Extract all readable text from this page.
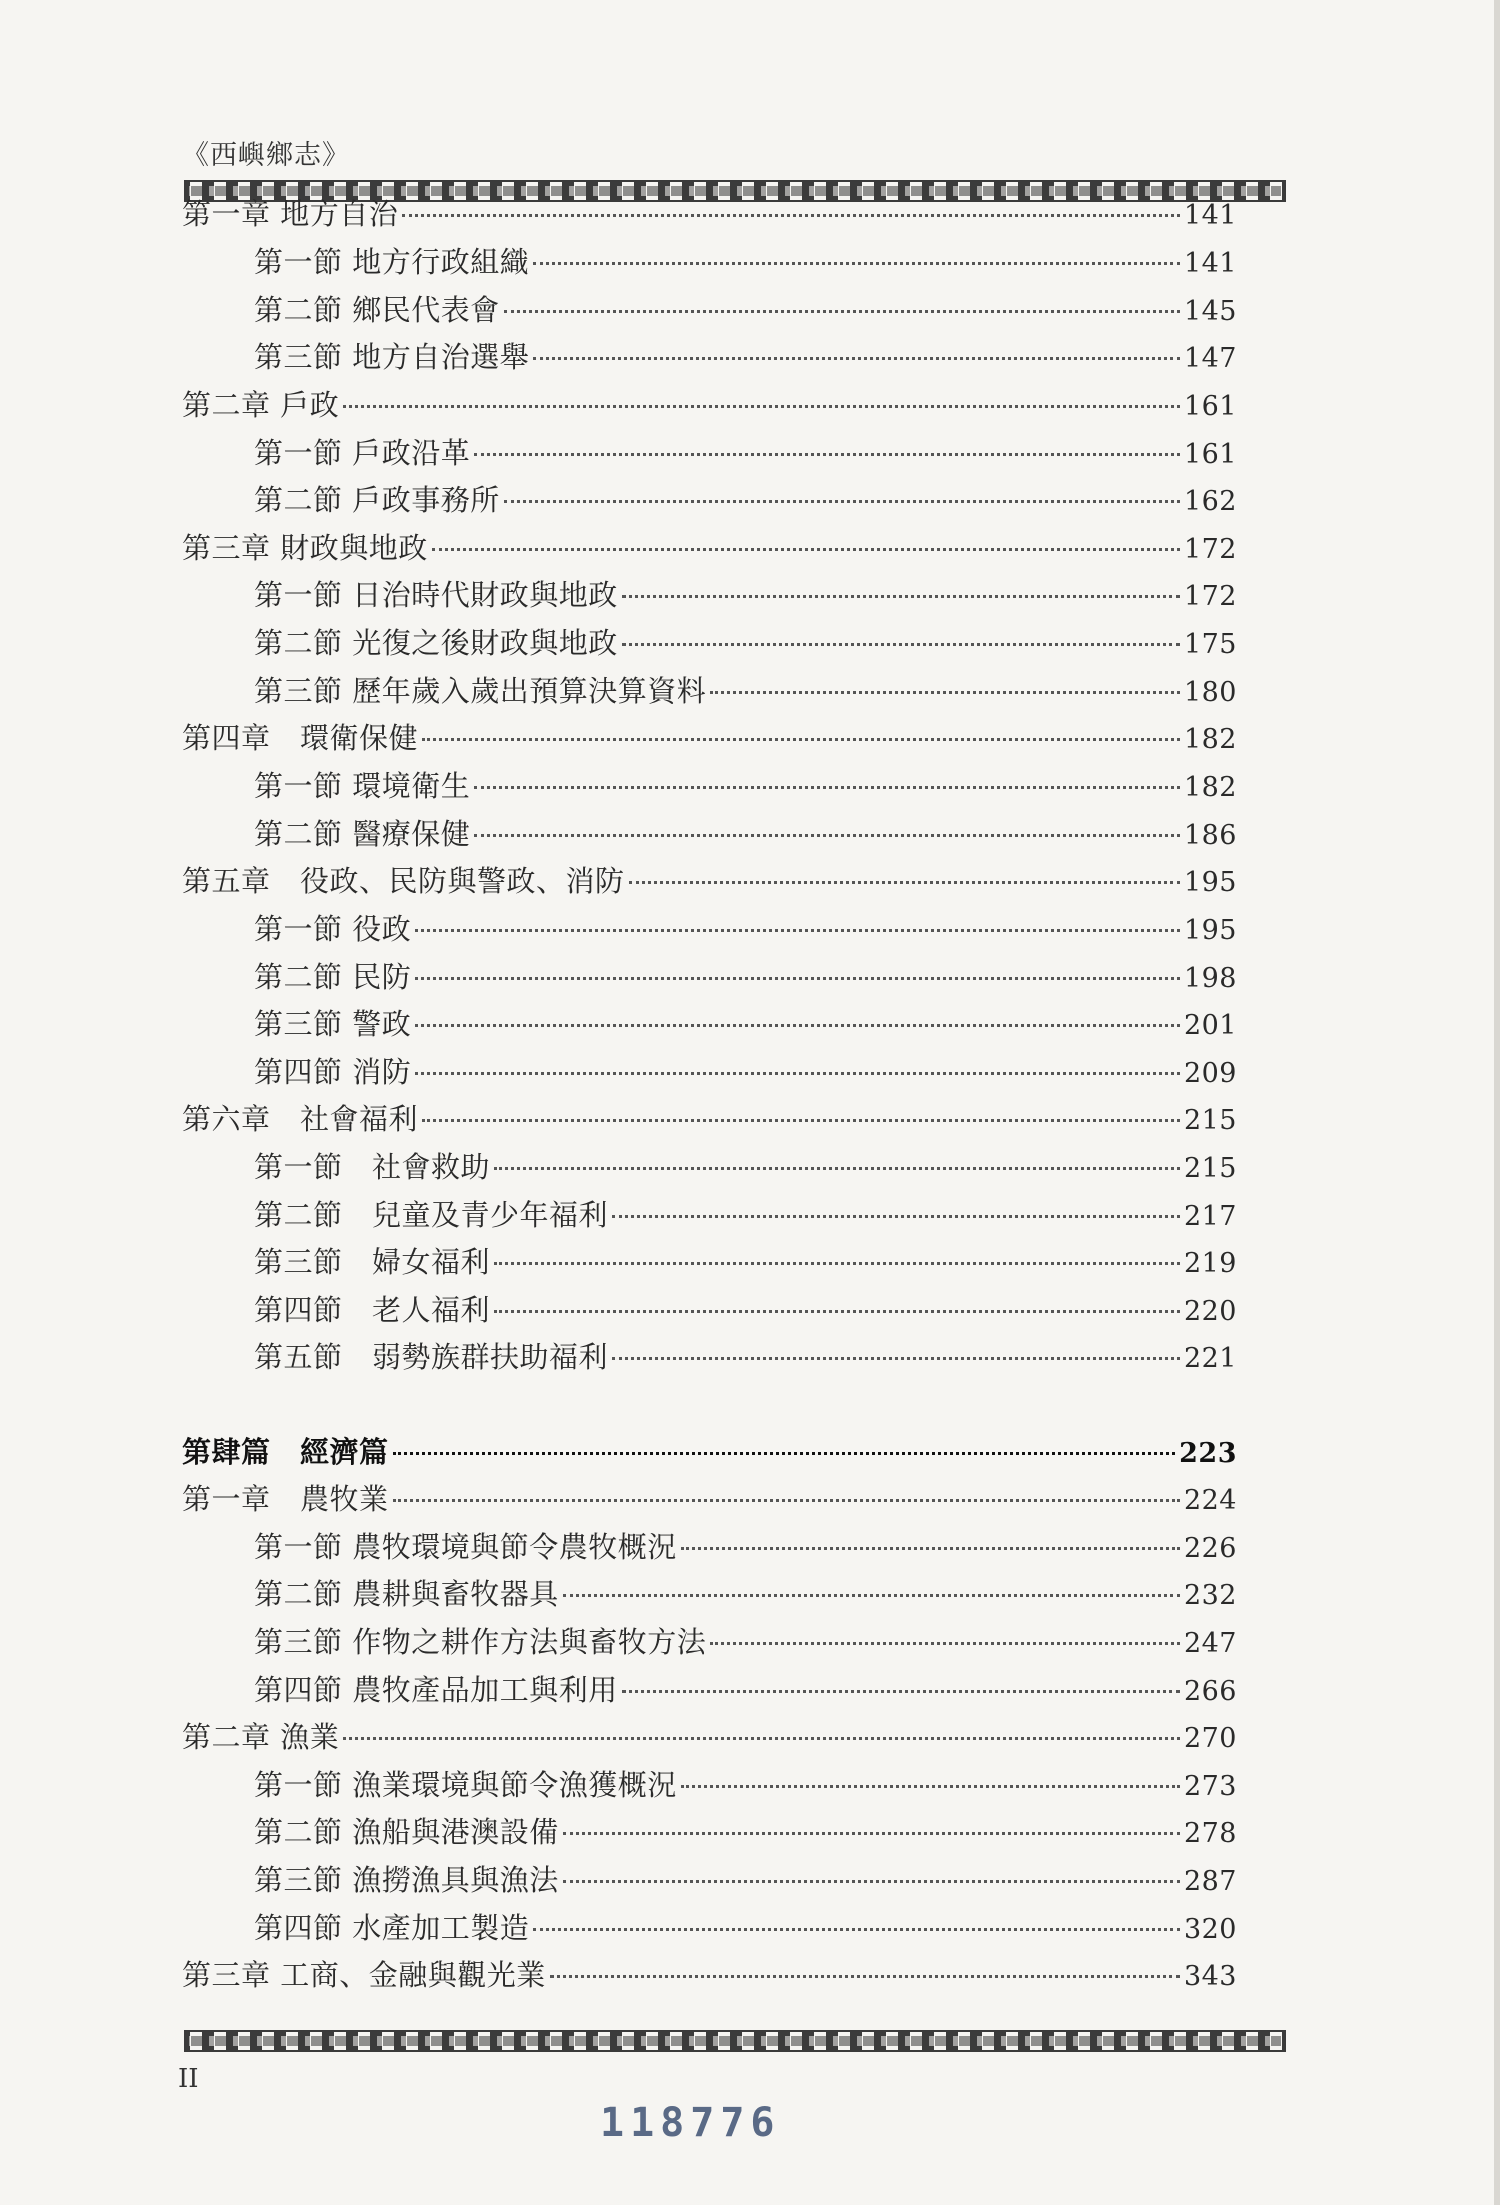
《西嶼鄉志》
第一章 地方自治	141
第一節 地方行政組織	141
第二節 鄉民代表會	145
第三節 地方自治選舉	147
第二章 戶政	161
第一節 戶政沿革	161
第二節 戶政事務所	162
第三章 財政與地政	172
第一節 日治時代財政與地政	172
第二節 光復之後財政與地政	175
第三節 歷年歲入歲出預算決算資料	180
第四章　環衛保健	182
第一節 環境衛生	182
第二節 醫療保健	186
第五章　役政、民防與警政、消防	195
第一節 役政	195
第二節 民防	198
第三節 警政	201
第四節 消防	209
第六章　社會福利	215
第一節　社會救助	215
第二節　兒童及青少年福利	217
第三節　婦女福利	219
第四節　老人福利	220
第五節　弱勢族群扶助福利	221
第肆篇　經濟篇	223
第一章　農牧業	224
第一節 農牧環境與節令農牧概況	226
第二節 農耕與畜牧器具	232
第三節 作物之耕作方法與畜牧方法	247
第四節 農牧產品加工與利用	266
第二章 漁業	270
第一節 漁業環境與節令漁獲概況	273
第二節 漁船與港澳設備	278
第三節 漁撈漁具與漁法	287
第四節 水產加工製造	320
第三章 工商、金融與觀光業	343
II
118776
